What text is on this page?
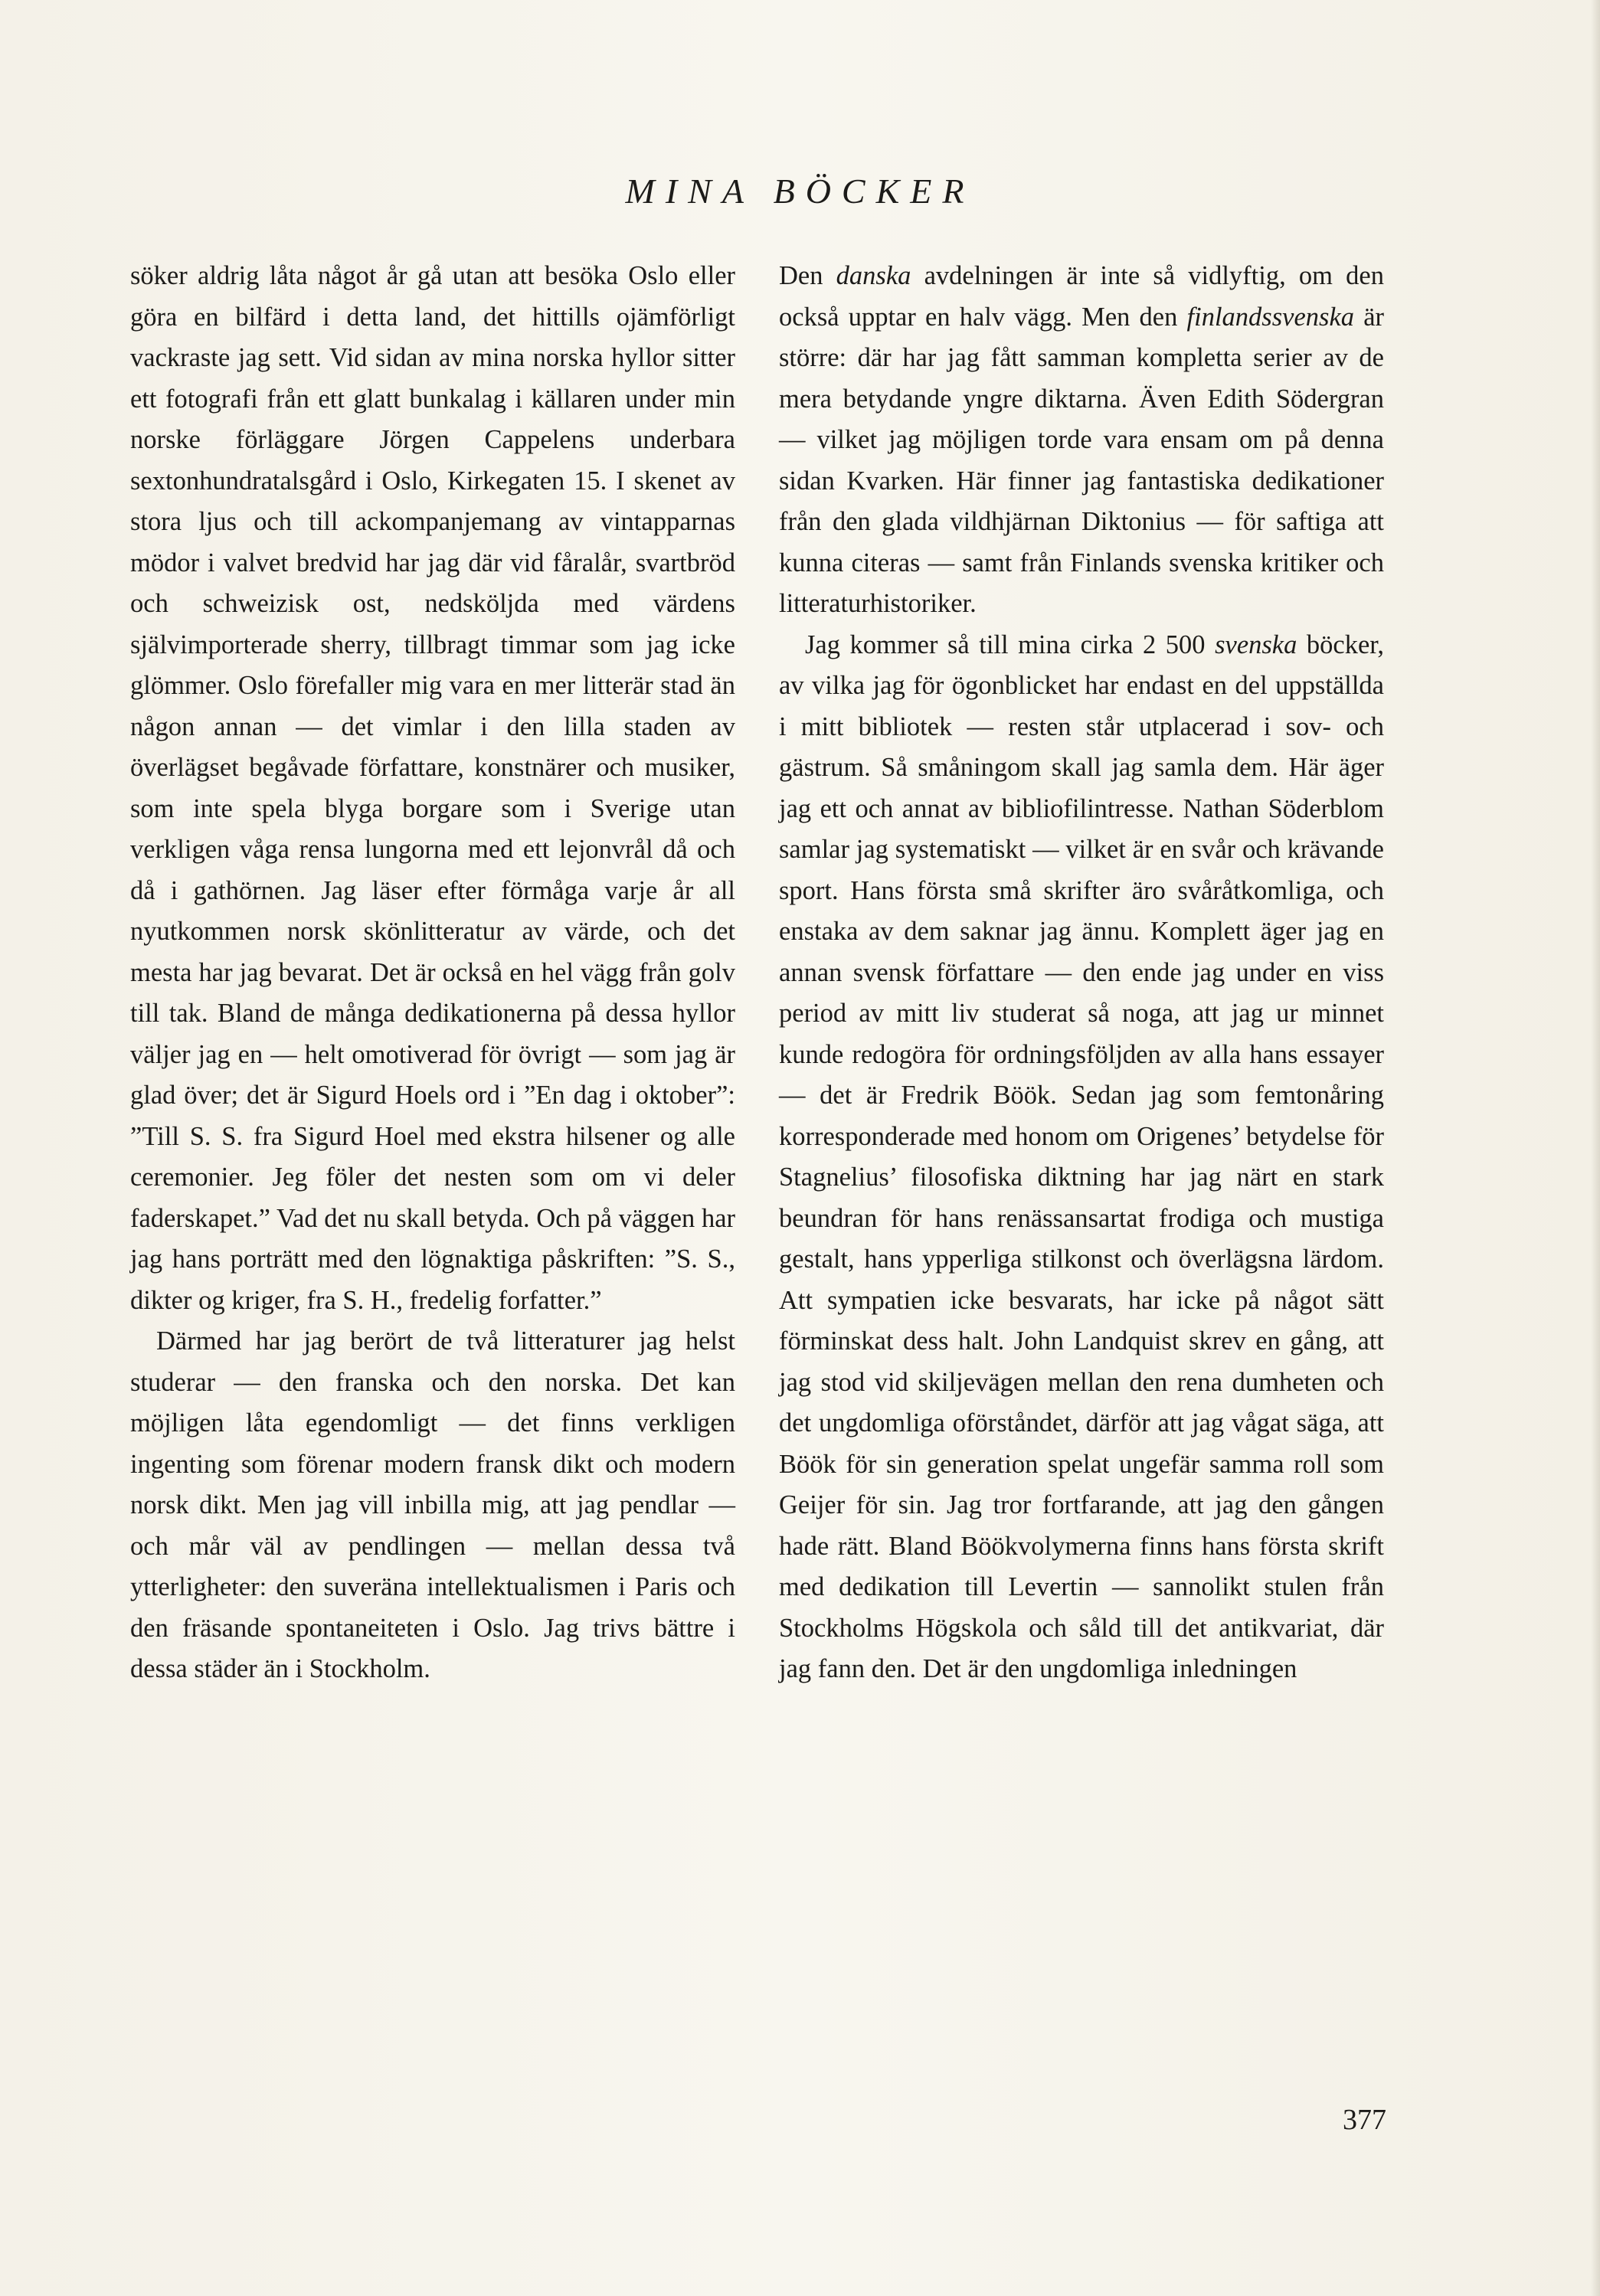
MINA BÖCKER

söker aldrig låta något år gå utan att besöka Oslo eller göra en bilfärd i detta land, det hittills ojämförligt vackraste jag sett. Vid sidan av mina norska hyllor sitter ett fotografi från ett glatt bunkalag i källaren under min norske förläggare Jörgen Cappelens underbara sextonhundratalsgård i Oslo, Kirkegaten 15. I skenet av stora ljus och till ackompanjemang av vintapparnas mödor i valvet bredvid har jag där vid fåralår, svartbröd och schweizisk ost, nedsköljda med värdens självimporterade sherry, tillbragt timmar som jag icke glömmer. Oslo förefaller mig vara en mer litterär stad än någon annan — det vimlar i den lilla staden av överlägset begåvade författare, konstnärer och musiker, som inte spela blyga borgare som i Sverige utan verkligen våga rensa lungorna med ett lejonvrål då och då i gathörnen. Jag läser efter förmåga varje år all nyutkommen norsk skönlitteratur av värde, och det mesta har jag bevarat. Det är också en hel vägg från golv till tak. Bland de många dedikationerna på dessa hyllor väljer jag en — helt omotiverad för övrigt — som jag är glad över; det är Sigurd Hoels ord i ”En dag i oktober”: ”Till S. S. fra Sigurd Hoel med ekstra hilsener og alle ceremonier. Jeg föler det nesten som om vi deler faderskapet.” Vad det nu skall betyda. Och på väggen har jag hans porträtt med den lögnaktiga påskriften: ”S. S., dikter og kriger, fra S. H., fredelig forfatter.”

Därmed har jag berört de två litteraturer jag helst studerar — den franska och den norska. Det kan möjligen låta egendomligt — det finns verkligen ingenting som förenar modern fransk dikt och modern norsk dikt. Men jag vill inbilla mig, att jag pendlar — och mår väl av pendlingen — mellan dessa två ytterligheter: den suveräna intellektualismen i Paris och den fräsande spontaneiteten i Oslo. Jag trivs bättre i dessa städer än i Stockholm.

Den danska avdelningen är inte så vidlyftig, om den också upptar en halv vägg. Men den finlandssvenska är större: där har jag fått samman kompletta serier av de mera betydande yngre diktarna. Även Edith Södergran — vilket jag möjligen torde vara ensam om på denna sidan Kvarken. Här finner jag fantastiska dedikationer från den glada vildhjärnan Diktonius — för saftiga att kunna citeras — samt från Finlands svenska kritiker och litteraturhistoriker.

Jag kommer så till mina cirka 2 500 svenska böcker, av vilka jag för ögonblicket har endast en del uppställda i mitt bibliotek — resten står utplacerad i sov- och gästrum. Så småningom skall jag samla dem. Här äger jag ett och annat av bibliofilintresse. Nathan Söderblom samlar jag systematiskt — vilket är en svår och krävande sport. Hans första små skrifter äro svåråtkomliga, och enstaka av dem saknar jag ännu. Komplett äger jag en annan svensk författare — den ende jag under en viss period av mitt liv studerat så noga, att jag ur minnet kunde redogöra för ordningsföljden av alla hans essayer — det är Fredrik Böök. Sedan jag som femtonåring korresponderade med honom om Origenes’ betydelse för Stagnelius’ filosofiska diktning har jag närt en stark beundran för hans renässansartat frodiga och mustiga gestalt, hans ypperliga stilkonst och överlägsna lärdom. Att sympatien icke besvarats, har icke på något sätt förminskat dess halt. John Landquist skrev en gång, att jag stod vid skiljevägen mellan den rena dumheten och det ungdomliga oförståndet, därför att jag vågat säga, att Böök för sin generation spelat ungefär samma roll som Geijer för sin. Jag tror fortfarande, att jag den gången hade rätt. Bland Böökvolymerna finns hans första skrift med dedikation till Levertin — sannolikt stulen från Stockholms Högskola och såld till det antikvariat, där jag fann den. Det är den ungdomliga inledningen

377
